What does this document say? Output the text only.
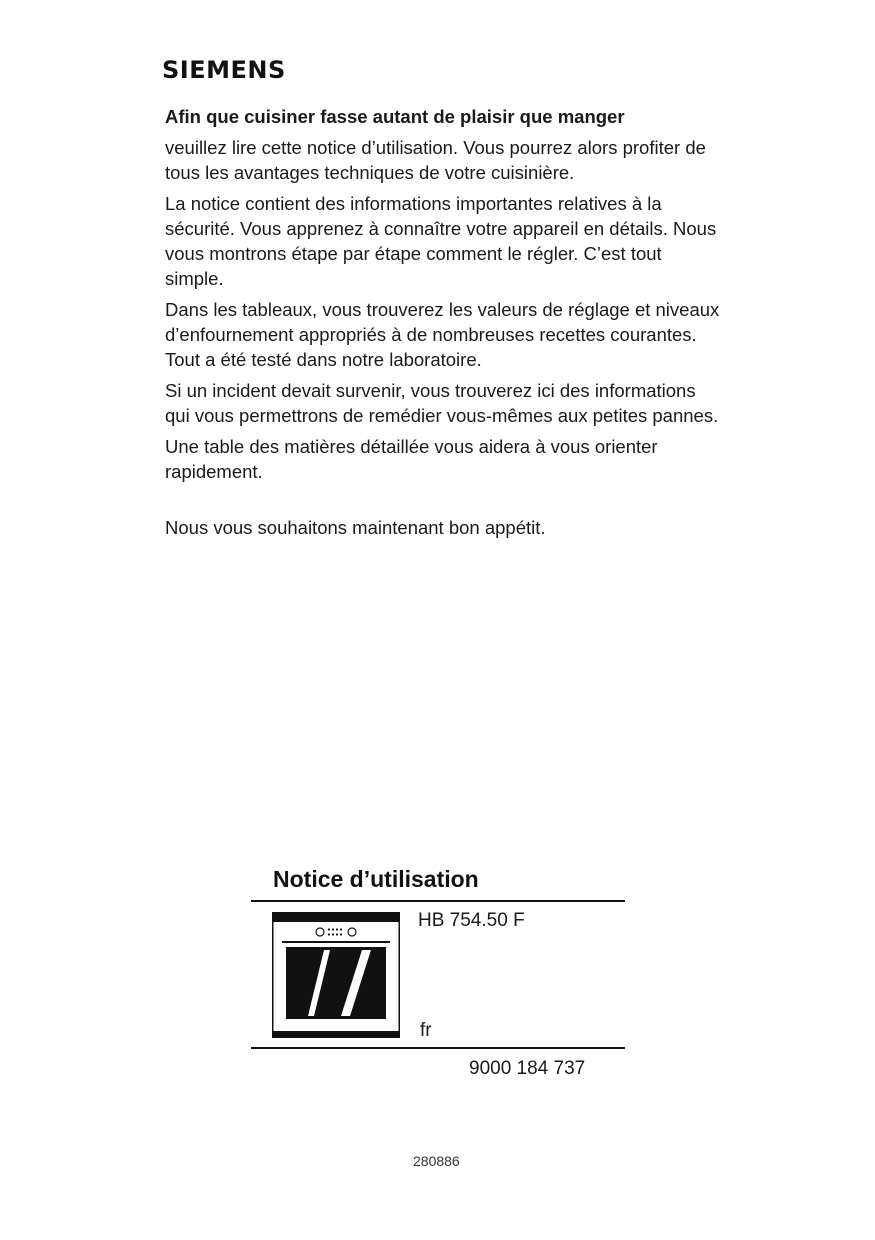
SIEMENS

Afin que cuisiner fasse autant de plaisir que manger

veuillez lire cette notice d’utilisation. Vous pourrez alors profiter de tous les avantages techniques de votre cuisinière.

La notice contient des informations importantes relatives à la sécurité. Vous apprenez à connaître votre appareil en détails. Nous vous montrons étape par étape comment le régler. C’est tout simple.

Dans les tableaux, vous trouverez les valeurs de réglage et niveaux d’enfournement appropriés à de nombreuses recettes courantes. Tout a été testé dans notre laboratoire.

Si un incident devait survenir, vous trouverez ici des informations qui vous permettrons de remédier vous-mêmes aux petites pannes.

Une table des matières détaillée vous aidera à vous orienter rapidement.

Nous vous souhaitons maintenant bon appétit.

Notice d’utilisation

HB 754.50 F

fr

9000 184 737

280886
